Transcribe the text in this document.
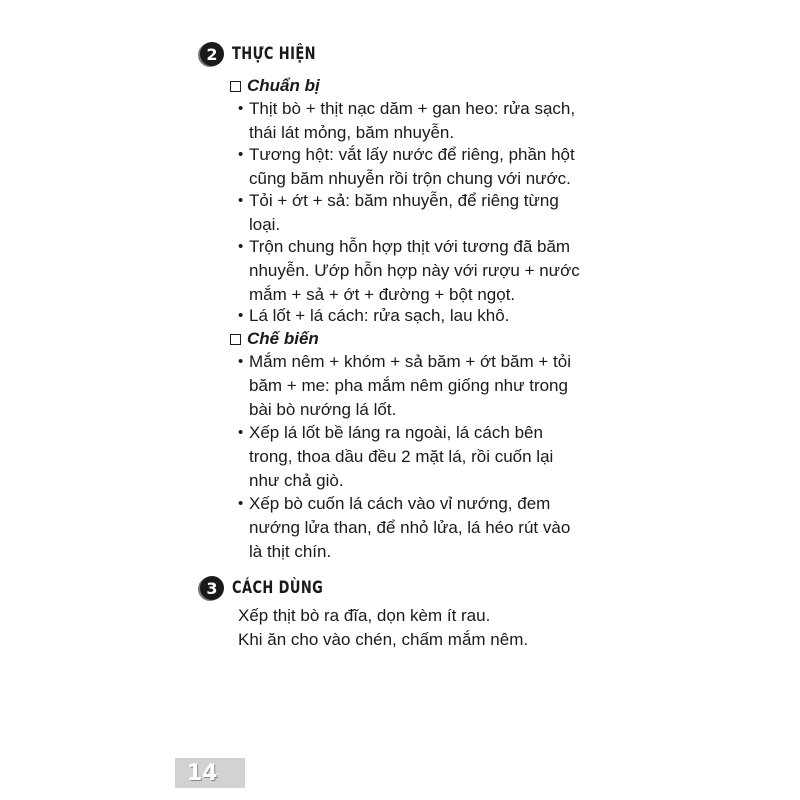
2 THỰC HIỆN
Chuẩn bị
• Thịt bò + thịt nạc dăm + gan heo: rửa sạch,
thái lát mỏng, băm nhuyễn.
• Tương hột: vắt lấy nước để riêng, phần hột
cũng băm nhuyễn rồi trộn chung với nước.
• Tỏi + ớt + sả: băm nhuyễn, để riêng từng
loại.
• Trộn chung hỗn hợp thịt với tương đã băm
nhuyễn. Ướp hỗn hợp này với rượu + nước
mắm + sả + ớt + đường + bột ngọt.
• Lá lốt + lá cách: rửa sạch, lau khô.
Chế biến
• Mắm nêm + khóm + sả băm + ớt băm + tỏi
băm + me: pha mắm nêm giống như trong
bài bò nướng lá lốt.
• Xếp lá lốt bề láng ra ngoài, lá cách bên
trong, thoa dầu đều 2 mặt lá, rồi cuốn lại
như chả giò.
• Xếp bò cuốn lá cách vào vỉ nướng, đem
nướng lửa than, để nhỏ lửa, lá héo rút vào
là thịt chín.
3 CÁCH DÙNG
Xếp thịt bò ra đĩa, dọn kèm ít rau.
Khi ăn cho vào chén, chấm mắm nêm.
14
